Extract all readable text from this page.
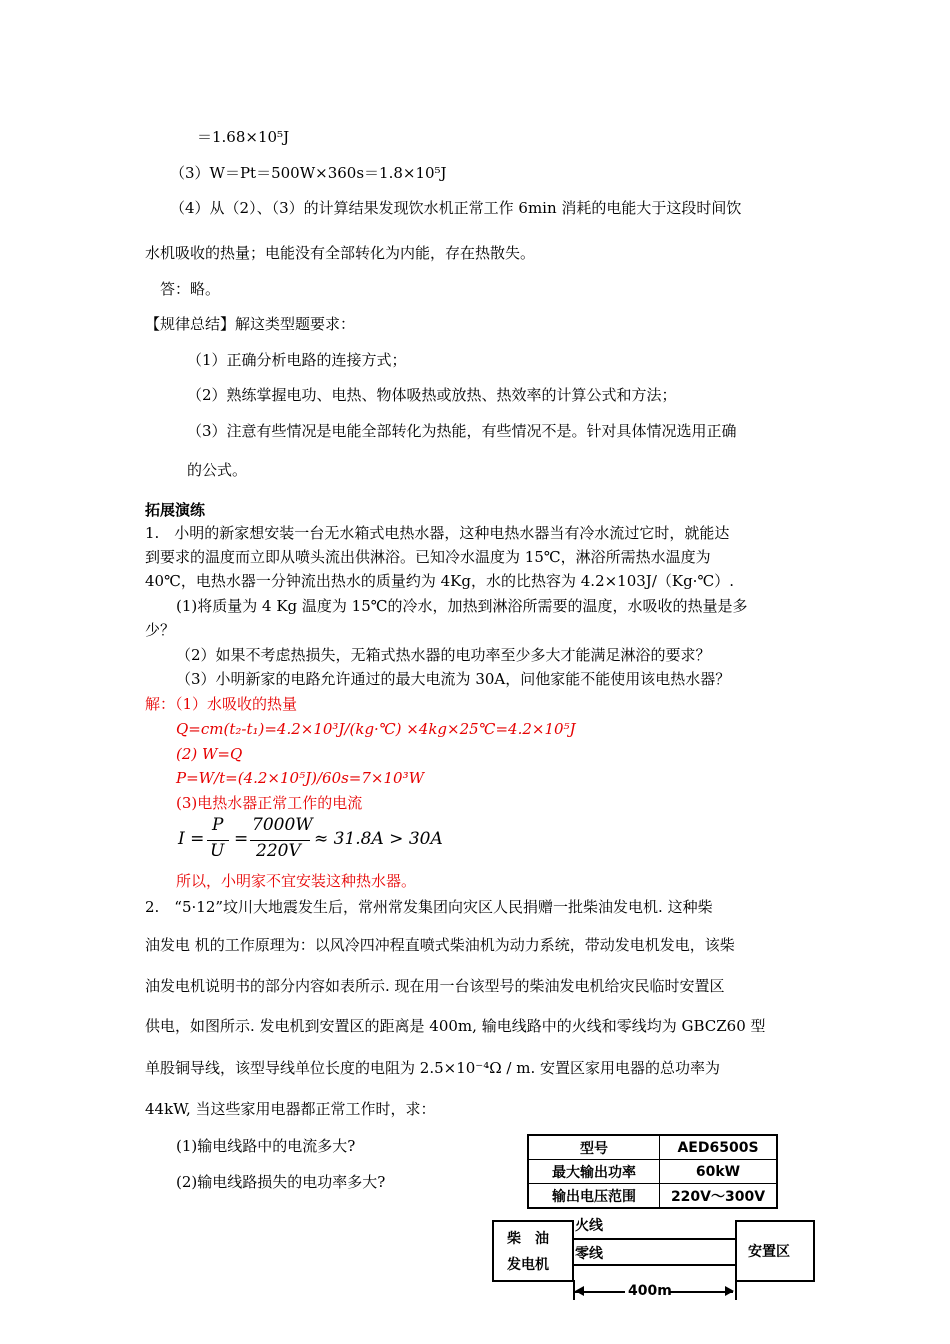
＝1.68×10⁵J
（3）W＝Pt＝500W×360s＝1.8×10⁵J
（4）从（2）、（3）的计算结果发现饮水机正常工作 6min 消耗的电能大于这段时间饮
水机吸收的热量；电能没有全部转化为内能，存在热散失。
答：略。
【规律总结】解这类型题要求：
（1）正确分析电路的连接方式；
（2）熟练掌握电功、电热、物体吸热或放热、热效率的计算公式和方法；
（3）注意有些情况是电能全部转化为热能，有些情况不是。针对具体情况选用正确
的公式。
拓展演练
1.　小明的新家想安装一台无水箱式电热水器，这种电热水器当有冷水流过它时，就能达
到要求的温度而立即从喷头流出供淋浴。已知冷水温度为 15℃，淋浴所需热水温度为
40℃，电热水器一分钟流出热水的质量约为 4Kg，水的比热容为 4.2×103J/（Kg·℃）.
(1)将质量为 4 Kg 温度为 15℃的冷水，加热到淋浴所需要的温度，水吸收的热量是多
少？
（2）如果不考虑热损失，无箱式热水器的电功率至少多大才能满足淋浴的要求？
（3）小明新家的电路允许通过的最大电流为 30A，问他家能不能使用该电热水器？
解：（1）水吸收的热量
Q=cm(t₂-t₁)=4.2×10³J/(kg·℃) ×4kg×25℃=4.2×10⁵J
(2) W=Q
P=W/t=(4.2×10⁵J)/60s=7×10³W
(3)电热水器正常工作的电流
I =
P
U
=
7000W
220V
≈ 31.8A > 30A
所以，小明家不宜安装这种热水器。
2.　“5·12”坟川大地震发生后，常州常发集团向灾区人民捐赠一批柴油发电机. 这种柴
油发电 机的工作原理为：以风冷四冲程直喷式柴油机为动力系统，带动发电机发电，该柴
油发电机说明书的部分内容如表所示. 现在用一台该型号的柴油发电机给灾民临时安置区
供电，如图所示. 发电机到安置区的距离是 400m, 输电线路中的火线和零线均为 GBCZ60 型
单股铜导线，该型导线单位长度的电阻为 2.5×10⁻⁴Ω / m. 安置区家用电器的总功率为
44kW, 当这些家用电器都正常工作时，求：
(1)输电线路中的电流多大?
(2)输电线路损失的电功率多大?
型号	AED6500S
最大输出功率	60kW
输出电压范围	220V～300V
柴　油
发电机
火线
零线	安置区
400m
